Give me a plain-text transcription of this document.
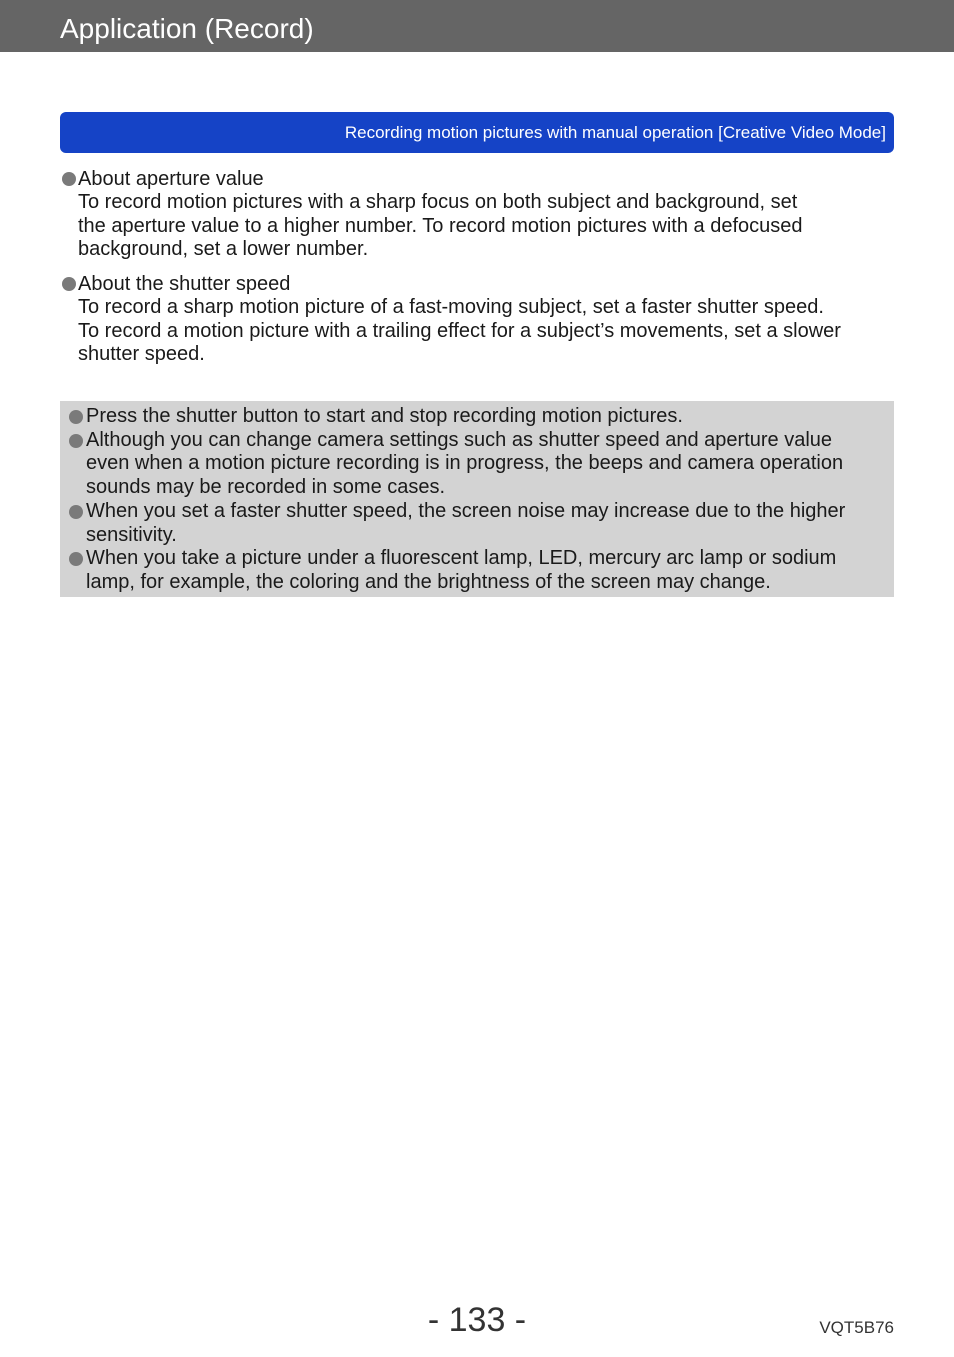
Application (Record)
Recording motion pictures with manual operation [Creative Video Mode]
About aperture value
To record motion pictures with a sharp focus on both subject and background, set
the aperture value to a higher number. To record motion pictures with a defocused
background, set a lower number.
About the shutter speed
To record a sharp motion picture of a fast-moving subject, set a faster shutter speed.
To record a motion picture with a trailing effect for a subject’s movements, set a slower
shutter speed.
Press the shutter button to start and stop recording motion pictures.
Although you can change camera settings such as shutter speed and aperture value
even when a motion picture recording is in progress, the beeps and camera operation
sounds may be recorded in some cases.
When you set a faster shutter speed, the screen noise may increase due to the higher
sensitivity.
When you take a picture under a fluorescent lamp, LED, mercury arc lamp or sodium
lamp, for example, the coloring and the brightness of the screen may change.
- 133 -	VQT5B76
